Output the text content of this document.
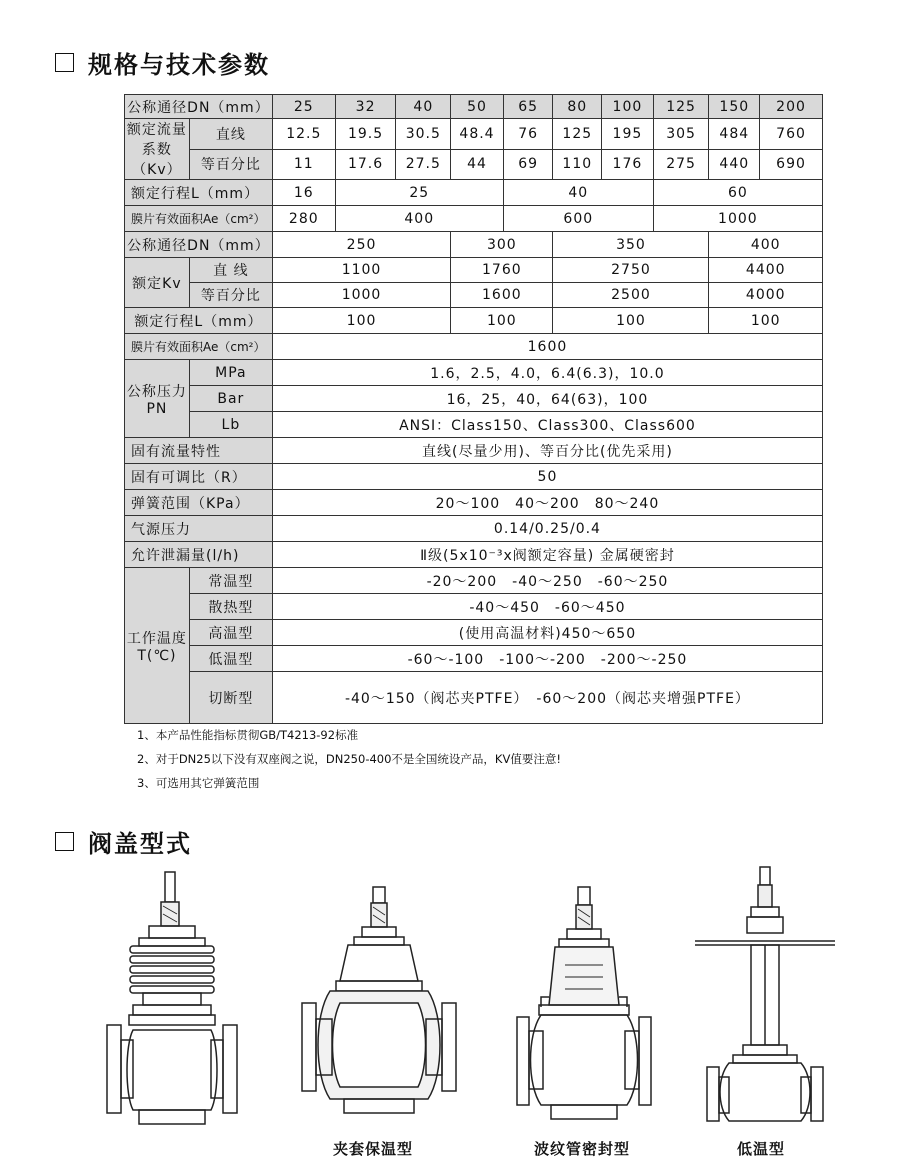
规格与技术参数
公称通径DN（mm）		25	32	40	50	65	80	100	125	150	200
额定流量系数（Kv）	直线	12.5	19.5	30.5	48.4	76	125	195	305	484	760
	等百分比	11	17.6	27.5	44	69	110	176	275	440	690
额定行程L（mm）		16	25			40			60		
膜片有效面积Ae（cm²）		280	400			600			1000		
公称通径DN（mm）		250			300		350			400	
额定Kv	直 线	1100			1760		2750			4400	
	等百分比	1000			1600		2500			4000	
额定行程L（mm）		100			100		100			100	
膜片有效面积Ae（cm²）		1600									
公称压力PN	MPa	1.6，2.5，4.0，6.4(6.3)，10.0									
	Bar	16，25，40，64(63)，100									
	Lb	ANSI：Class150、Class300、Class600									
固有流量特性		直线(尽量少用)、等百分比(优先采用)									
固有可调比（R）		50									
弹簧范围（KPa）		20～100　40～200　80～240									
气源压力		0.14/0.25/0.4									
允许泄漏量(l/h)		Ⅱ级(5x10⁻³x阀额定容量) 金属硬密封									
工作温度T(℃)	常温型	-20～200　-40～250　-60～250									
	散热型	-40～450　-60～450									
	高温型	(使用高温材料)450～650									
	低温型	-60～-100　-100～-200　-200～-250									
	切断型	-40～150（阀芯夹PTFE）　-60～200（阀芯夹增强PTFE）									
1、本产品性能指标贯彻GB/T4213-92标准
2、对于DN25以下没有双座阀之说，DN250-400不是全国统设产品，KV值要注意!
3、可选用其它弹簧范围
阀盖型式
夹套保温型	波纹管密封型	低温型
